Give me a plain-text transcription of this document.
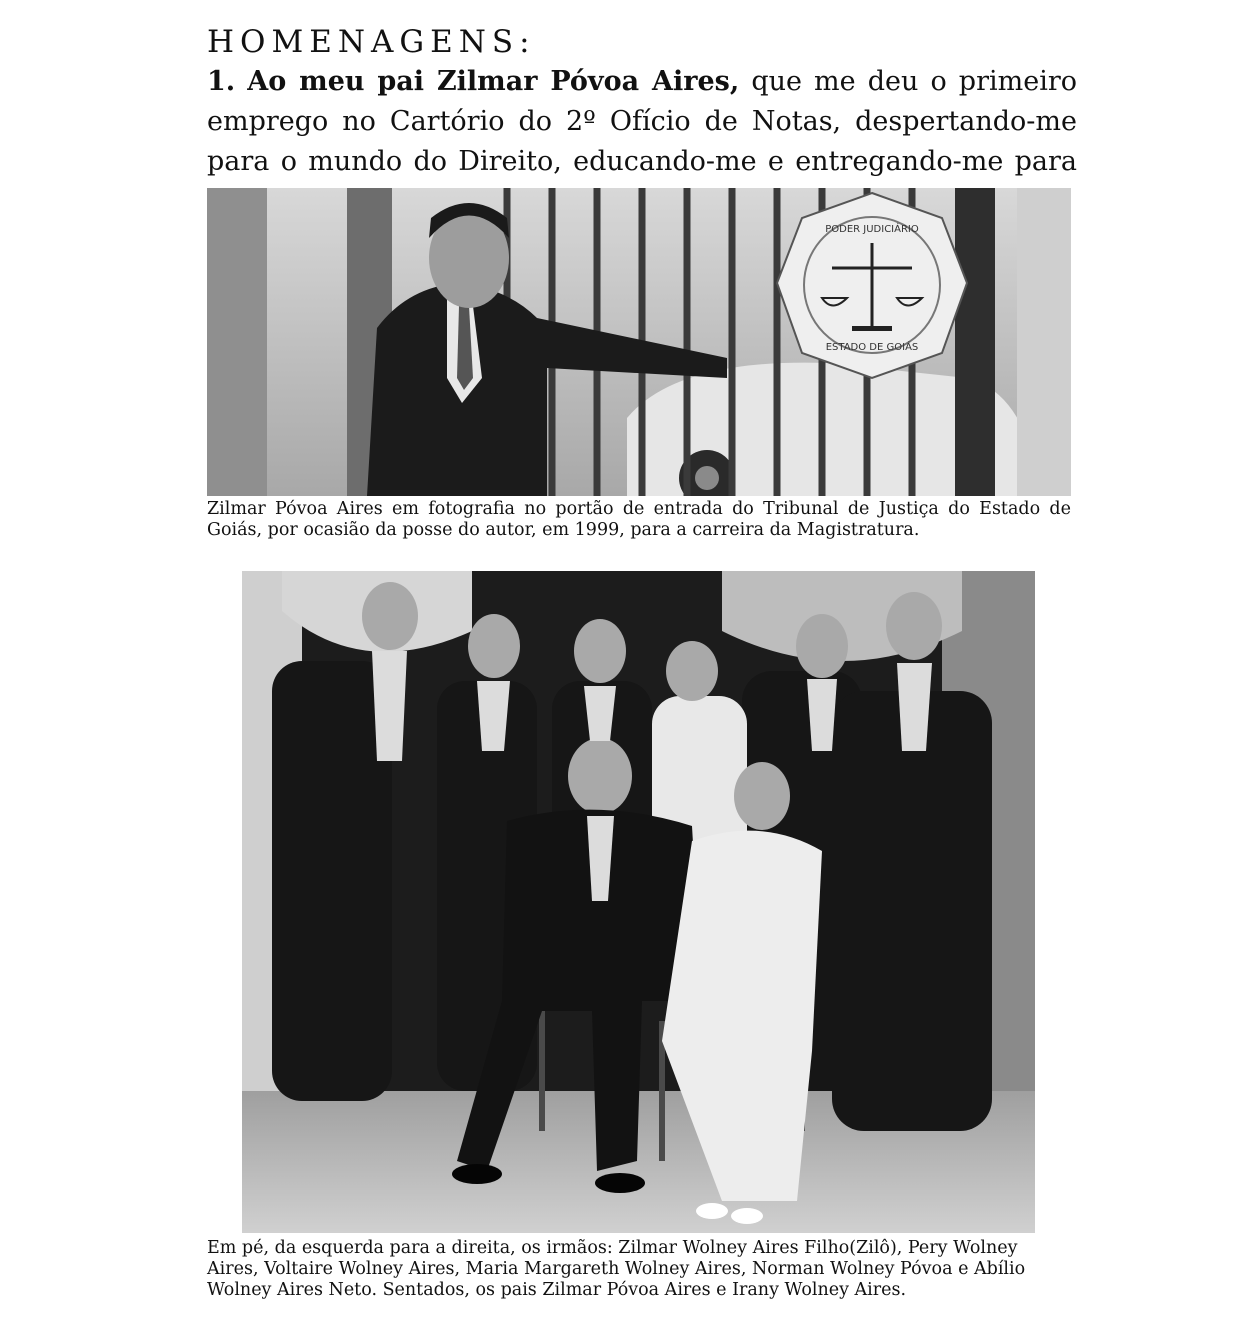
HOMENAGENS:
1. Ao meu pai Zilmar Póvoa Aires, que me deu o primeiro emprego no Cartório do 2º Ofício de Notas, despertando-me para o mundo do Direito, educando-me e entregando-me para
PODER JUDICIÁRIO
ESTADO DE GOIÁS
Zilmar Póvoa Aires em fotografia no portão de entrada do Tribunal de Justiça do Estado de Goiás, por ocasião da posse do autor, em 1999, para a carreira da Magistratura.
Em pé, da esquerda para a direita, os irmãos: Zilmar Wolney Aires Filho(Zilô), Pery Wolney Aires, Voltaire Wolney Aires, Maria Margareth Wolney Aires, Norman Wolney Póvoa e Abílio Wolney Aires Neto. Sentados, os pais Zilmar Póvoa Aires e Irany Wolney Aires.
